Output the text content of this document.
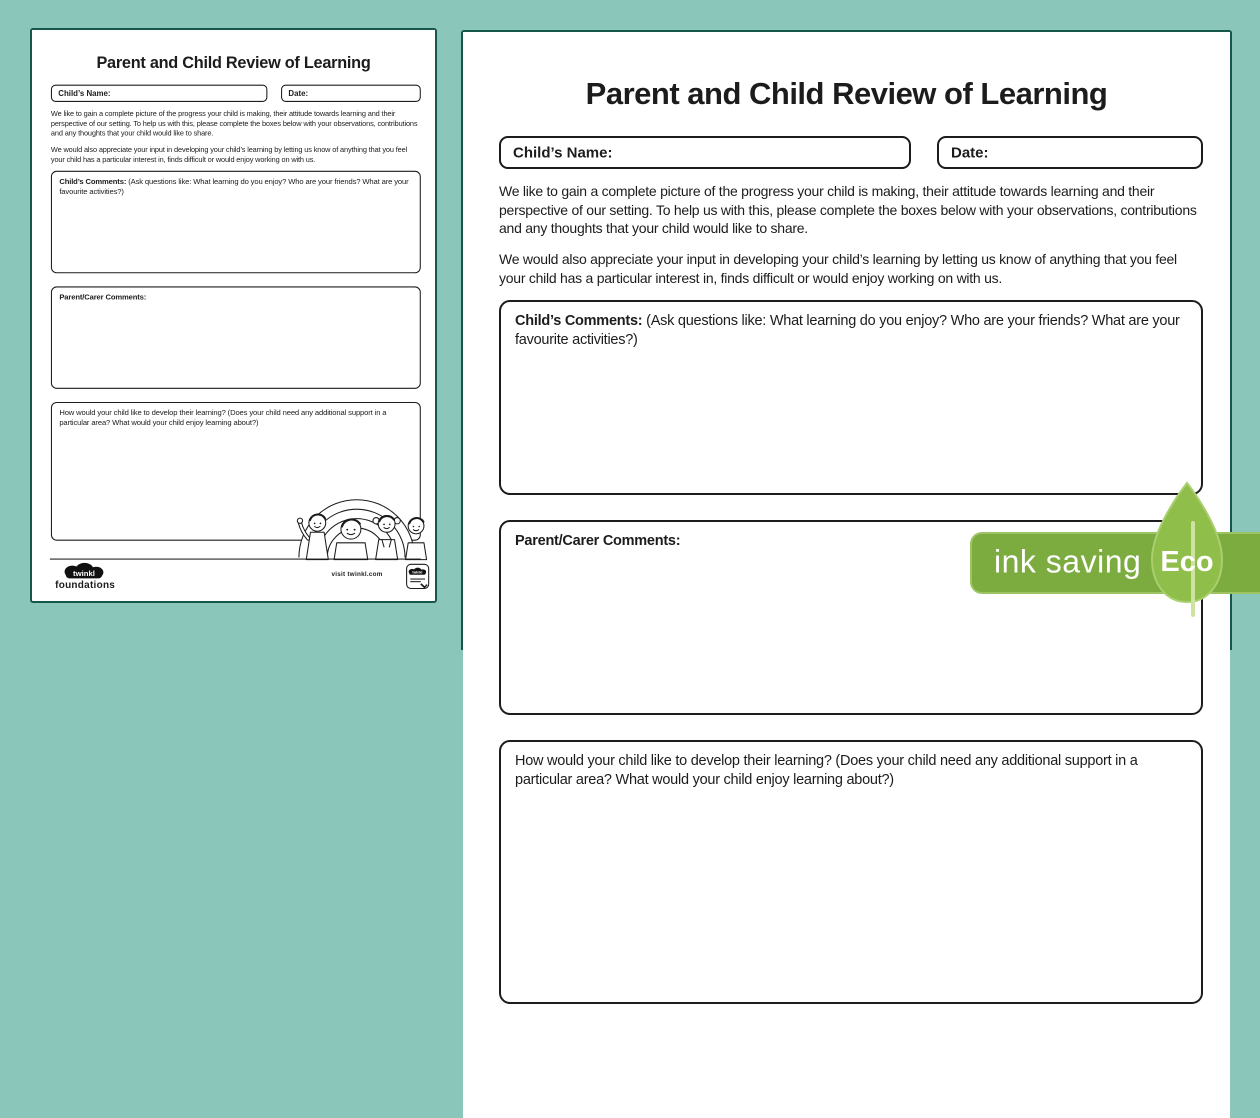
Parent and Child Review of Learning
Child’s Name:	Date:

We like to gain a complete picture of the progress your child is making, their attitude towards learning and their perspective of our setting. To help us with this, please complete the boxes below with your observations, contributions and any thoughts that your child would like to share.

We would also appreciate your input in developing your child’s learning by letting us know of anything that you feel your child has a particular interest in, finds difficult or would enjoy working on with us.

Child’s Comments: (Ask questions like: What learning do you enjoy? Who are your friends? What are your favourite activities?)

Parent/Carer Comments:

How would your child like to develop their learning? (Does your child need any additional support in a particular area? What would your child enjoy learning about?)

twinkl
foundations
visit twinkl.com twinkl
Parent and Child Review of Learning
Child’s Name:	Date:

We like to gain a complete picture of the progress your child is making, their attitude towards learning and their perspective of our setting. To help us with this, please complete the boxes below with your observations, contributions and any thoughts that your child would like to share.

We would also appreciate your input in developing your child’s learning by letting us know of anything that you feel your child has a particular interest in, finds difficult or would enjoy working on with us.

Child’s Comments: (Ask questions like: What learning do you enjoy? Who are your friends? What are your favourite activities?)

Parent/Carer Comments:

How would your child like to develop their learning? (Does your child need any additional support in a particular area? What would your child enjoy learning about?)

ink saving Eco
